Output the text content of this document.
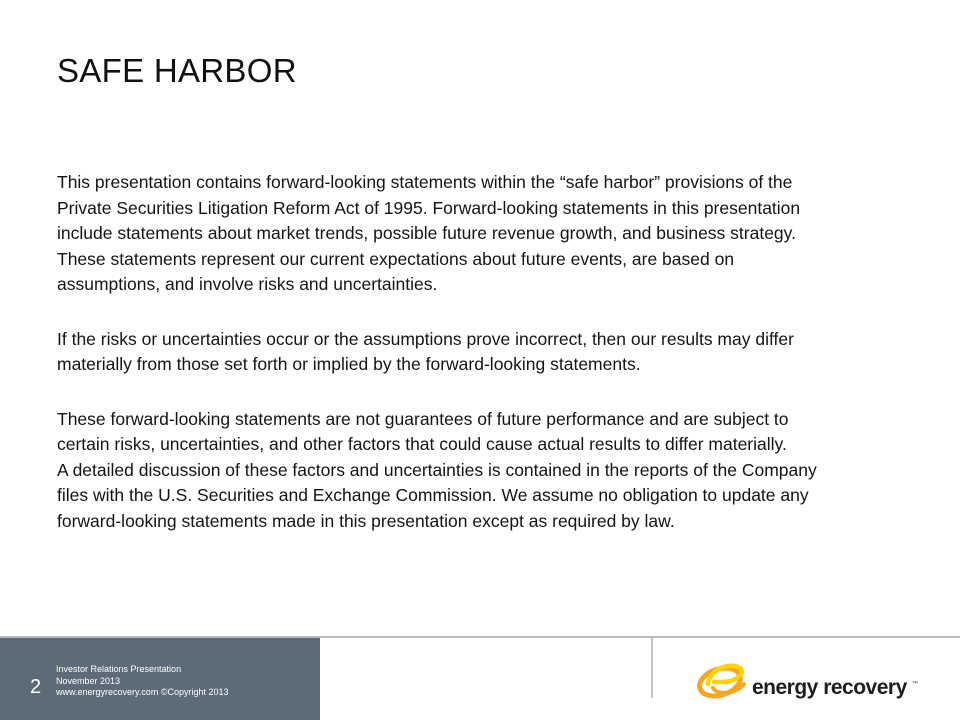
SAFE HARBOR

This presentation contains forward-looking statements within the “safe harbor” provisions of the
Private Securities Litigation Reform Act of 1995. Forward-looking statements in this presentation
include statements about market trends, possible future revenue growth, and business strategy.
These statements represent our current expectations about future events, are based on
assumptions, and involve risks and uncertainties.

If the risks or uncertainties occur or the assumptions prove incorrect, then our results may differ
materially from those set forth or implied by the forward-looking statements.

These forward-looking statements are not guarantees of future performance and are subject to
certain risks, uncertainties, and other factors that could cause actual results to differ materially.
A detailed discussion of these factors and uncertainties is contained in the reports of the Company
files with the U.S. Securities and Exchange Commission. We assume no obligation to update any
forward-looking statements made in this presentation except as required by law.

2
Investor Relations Presentation
November 2013
www.energyrecovery.com ©Copyright 2013	energy recovery ™
